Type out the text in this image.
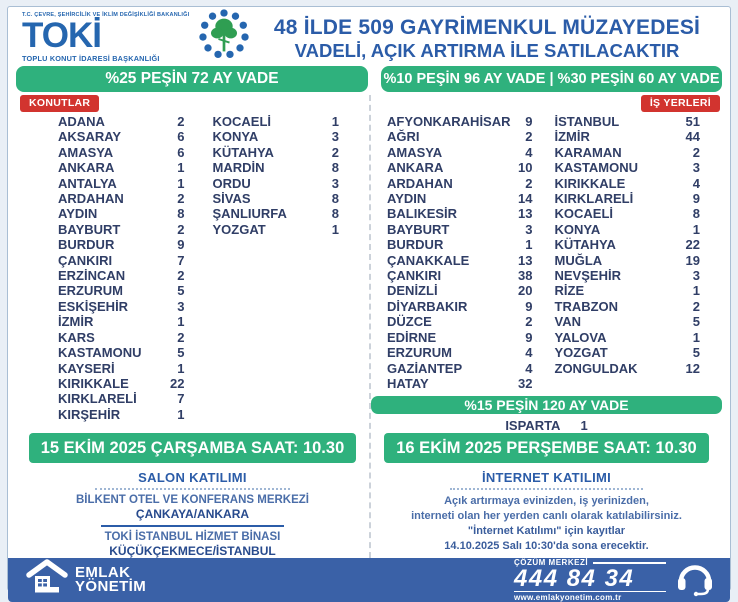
T.C. ÇEVRE, ŞEHİRCİLİK VE İKLİM DEĞİŞİKLİĞİ BAKANLIĞI
TOKİ
TOPLU KONUT İDARESİ BAŞKANLIĞI
48 İLDE 509 GAYRİMENKUL MÜZAYEDESİ
VADELİ, AÇIK ARTIRMA İLE SATILACAKTIR
%25 PEŞİN 72 AY VADE	%10 PEŞİN 96 AY VADE | %30 PEŞİN 60 AY VADE
KONUTLAR
ADANA	2
AKSARAY	6
AMASYA	6
ANKARA	1
ANTALYA	1
ARDAHAN	2
AYDIN	8
BAYBURT	2
BURDUR	9
ÇANKIRI	7
ERZİNCAN	2
ERZURUM	5
ESKİŞEHİR	3
İZMİR	1
KARS	2
KASTAMONU	5
KAYSERİ	1
KIRIKKALE	22
KIRKLARELİ	7
KIRŞEHİR	1
KOCAELİ	1
KONYA	3
KÜTAHYA	2
MARDİN	8
ORDU	3
SİVAS	8
ŞANLIURFA	8
YOZGAT	1
15 EKİM 2025 ÇARŞAMBA SAAT: 10.30
SALON KATILIMI
BİLKENT OTEL VE KONFERANS MERKEZİ
ÇANKAYA/ANKARA
TOKİ İSTANBUL HİZMET BİNASI
KÜÇÜKÇEKMECE/İSTANBUL
İŞ YERLERİ
AFYONKARAHİSAR 9
AĞRI	2
AMASYA	4
ANKARA	10
ARDAHAN	2
AYDIN	14
BALIKESİR	13
BAYBURT	3
BURDUR	1
ÇANAKKALE	13
ÇANKIRI	38
DENİZLİ	20
DİYARBAKIR	9
DÜZCE	2
EDİRNE	9
ERZURUM	4
GAZİANTEP	4
HATAY	32
İSTANBUL	51
İZMİR	44
KARAMAN	2
KASTAMONU	3
KIRIKKALE	4
KIRKLARELİ	9
KOCAELİ	8
KONYA	1
KÜTAHYA	22
MUĞLA	19
NEVŞEHİR	3
RİZE	1
TRABZON	2
VAN	5
YALOVA	1
YOZGAT	5
ZONGULDAK	12
%15 PEŞİN 120 AY VADE
ISPARTA 1
16 EKİM 2025 PERŞEMBE SAAT: 10.30
İNTERNET KATILIMI
Açık artırmaya evinizden, iş yerinizden,
interneti olan her yerden canlı olarak katılabilirsiniz.
"İnternet Katılımı" için kayıtlar
14.10.2025 Salı 10:30'da sona erecektir.
EMLAK
YÖNETİM
ÇÖZÜM MERKEZİ
444 84 34
www.emlakyonetim.com.tr
